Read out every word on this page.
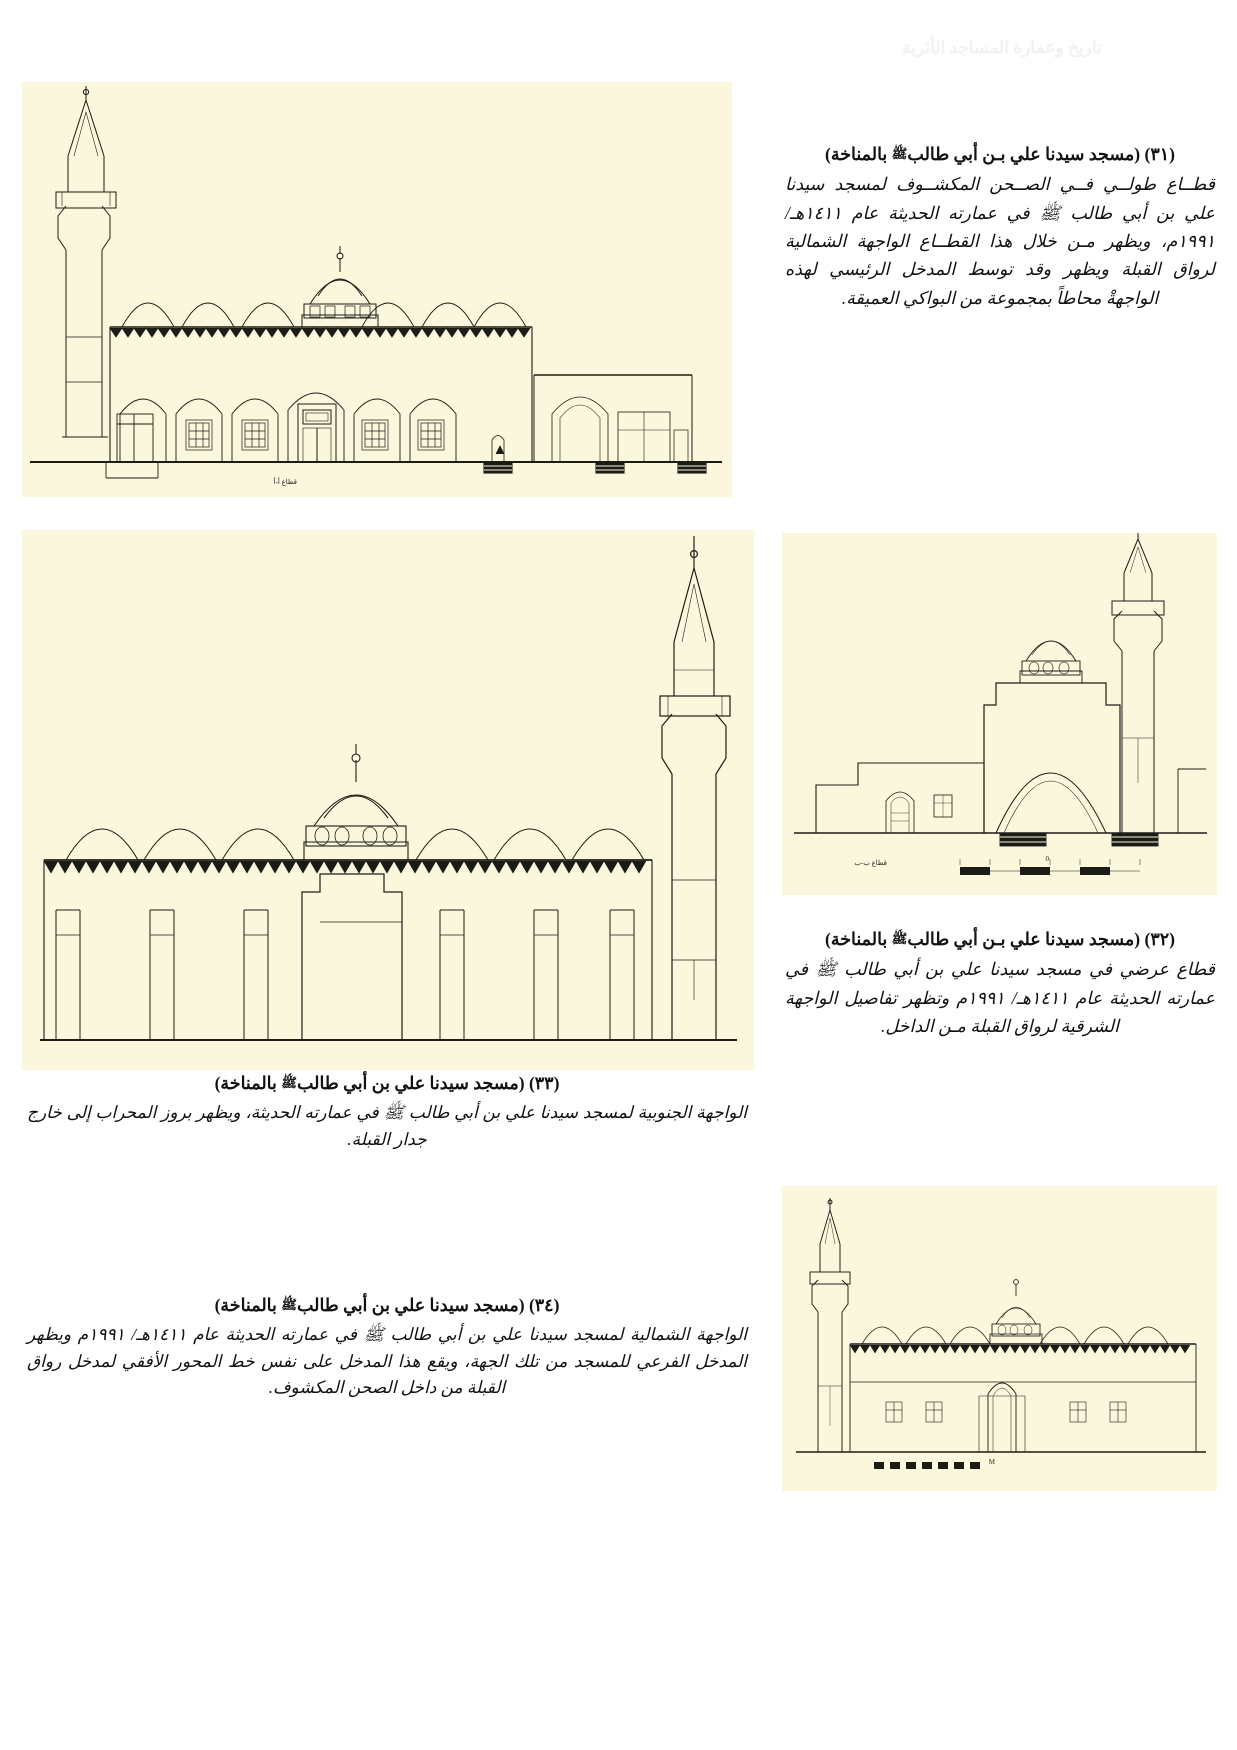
تاريخ وعمارة المساجد الأثرية
قطاع أ-أ
قطاع ب-ب	0
M
(٣١) (مسجد سيدنا علي بـن أبي طالبﷺ بالمناخة)
قطــاع طولــي فــي الصــحن المكشــوف لمسجد سيدنا علي بن أبي طالب ﷺ في عمارته الحديثة عام ١٤١١هـ/ ١٩٩١م، ويظهر مـن خلال هذا القطــاع الواجهة الشمالية لرواق القبلة ويظهر وقد توسط المدخل الرئيسي لهذه الواجهةْ محاطاً بمجموعة من البواكي العميقة.
(٣٢) (مسجد سيدنا علي بـن أبي طالبﷺ بالمناخة)
قطاع عرضي في مسجد سيدنا علي بن أبي طالب ﷺ في عمارته الحديثة عام ١٤١١هـ/ ١٩٩١م وتظهر تفاصيل الواجهة الشرقية لرواق القبلة مـن الداخل.
(٣٣) (مسجد سيدنا علي بن أبي طالبﷺ بالمناخة)
الواجهة الجنوبية لمسجد سيدنا علي بن أبي طالب ﷺ في عمارته الحديثة، ويظهر بروز المحراب إلى خارج جدار القبلة.
(٣٤) (مسجد سيدنا علي بن أبي طالبﷺ بالمناخة)
الواجهة الشمالية لمسجد سيدنا علي بن أبي طالب ﷺ في عمارته الحديثة عام ١٤١١هـ/ ١٩٩١م ويظهر المدخل الفرعي للمسجد من تلك الجهة، ويقع هذا المدخل على نفس خط المحور الأفقي لمدخل رواق القبلة من داخل الصحن المكشوف.
